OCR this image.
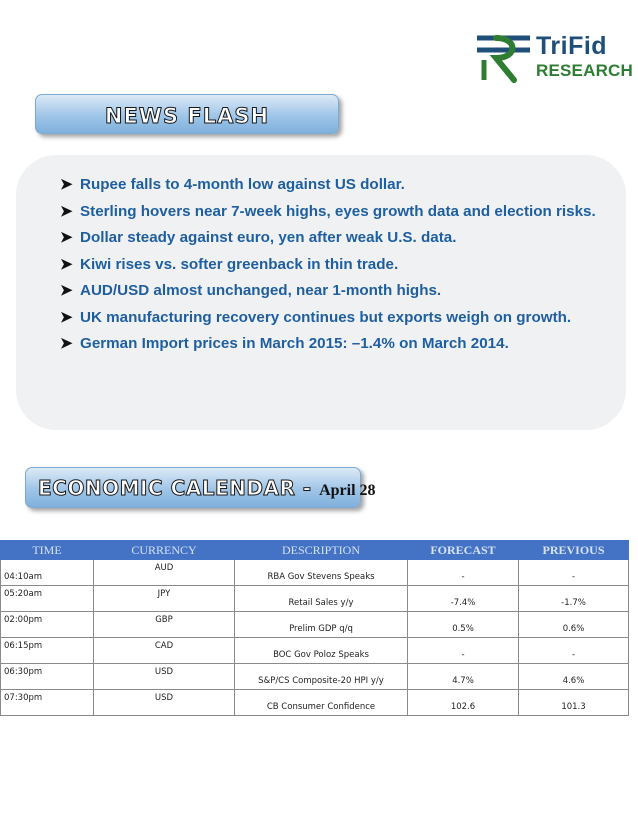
TriFid
RESEARCH
NEWS FLASH
➤ Rupee falls to 4-month low against US dollar.
➤ Sterling hovers near 7-week highs, eyes growth data and election risks.
➤ Dollar steady against euro, yen after weak U.S. data.
➤ Kiwi rises vs. softer greenback in thin trade.
➤ AUD/USD almost unchanged, near 1-month highs.
➤ UK manufacturing recovery continues but exports weigh on growth.
➤ German Import prices in March 2015: –1.4% on March 2014.
ECONOMIC CALENDAR - April 28
TIME	CURRENCY	DESCRIPTION	FORECAST	PREVIOUS

04:10am	AUD	RBA Gov Stevens Speaks	-	-

05:20am	JPY	Retail Sales y/y	-7.4%	-1.7%

02:00pm	GBP	Prelim GDP q/q	0.5%	0.6%

06:15pm	CAD	BOC Gov Poloz Speaks	-	-

06:30pm	USD	S&P/CS Composite-20 HPI y/y	4.7%	4.6%

07:30pm	USD	CB Consumer Confidence	102.6	101.3
